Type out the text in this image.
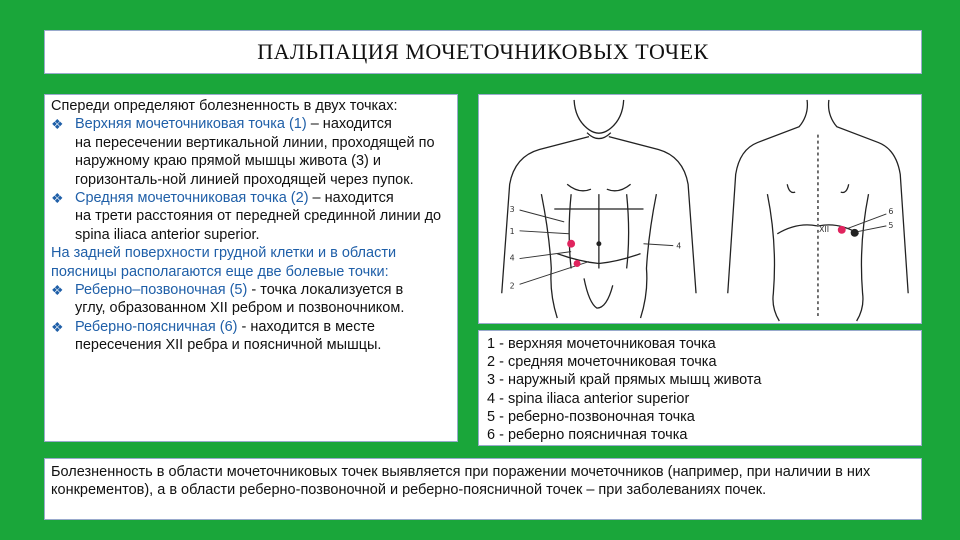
ПАЛЬПАЦИЯ МОЧЕТОЧНИКОВЫХ ТОЧЕК

Спереди определяют болезненность в двух точках:

❖ Верхняя мочеточниковая точка (1) – находится

на пересечении вертикальной линии, проходящей по наружному краю прямой мышцы живота (3) и горизонталь-ной линией проходящей через пупок.

❖ Средняя мочеточниковая точка (2) – находится

на трети расстояния от передней срединной линии до spina iliaca anterior superior.

На задней поверхности грудной клетки и в области поясницы располагаются еще две болевые точки:

❖ Реберно–позвоночная (5) - точка локализуется в

углу, образованном XII ребром и позвоночником.

❖ Реберно-поясничная (6) - находится в месте

пересечения XII ребра и поясничной мышцы.

3
1
4
2
4
6
5
XII
1 - верхняя мочеточниковая точка
2 - средняя мочеточниковая точка
3 - наружный край прямых мышц живота
4 - spina iliaca anterior superior
5 - реберно-позвоночная точка
6 - реберно поясничная точка
Болезненность в области мочеточниковых точек выявляется при поражении мочеточников (например, при наличии в них конкрементов), а в области реберно-позвоночной и реберно-поясничной точек – при заболеваниях почек.
